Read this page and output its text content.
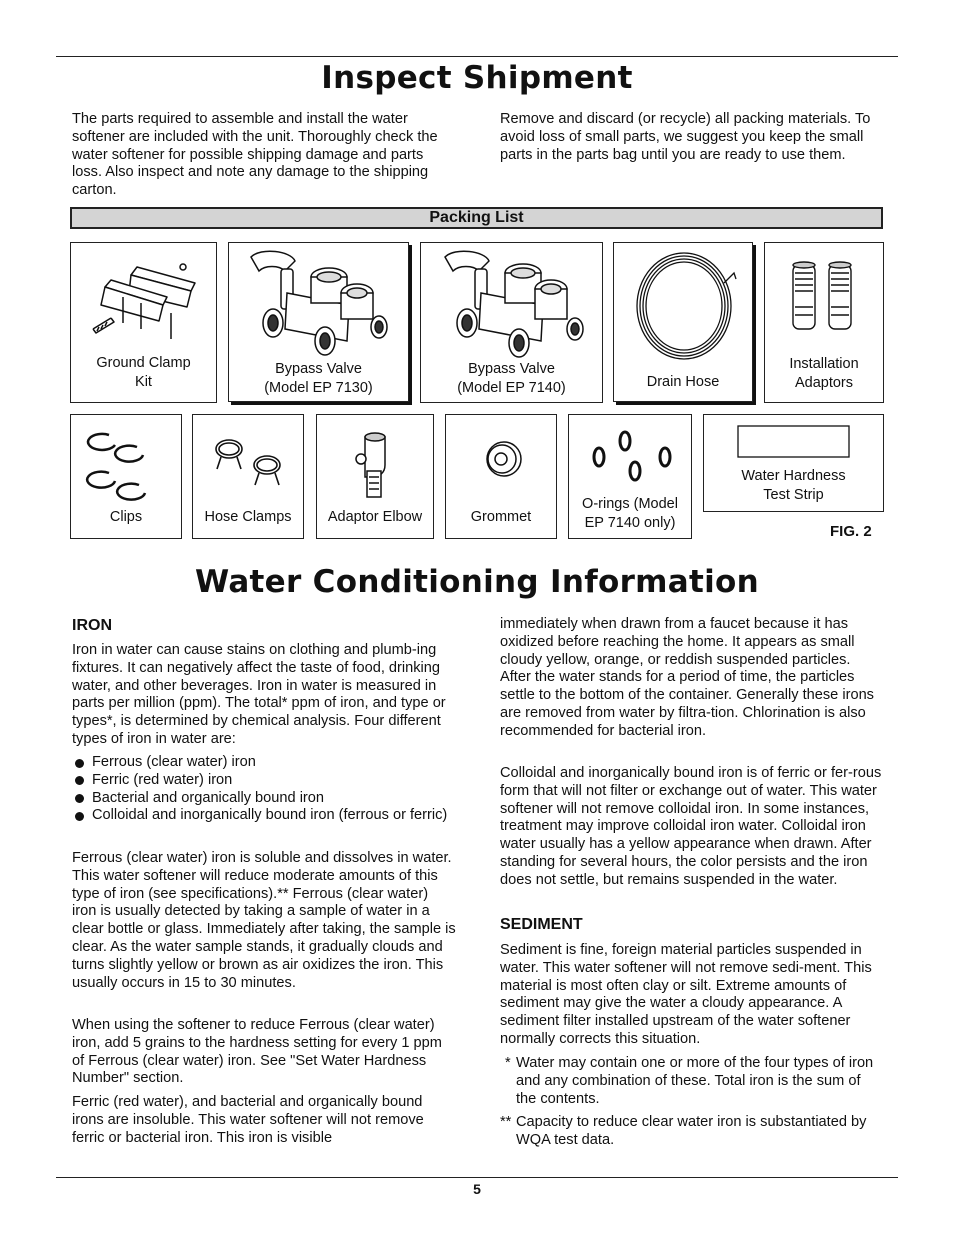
Inspect Shipment

The parts required to assemble and install the water softener are included with the unit. Thoroughly check the water softener for possible shipping damage and parts loss. Also inspect and note any damage to the shipping carton.

Remove and discard (or recycle) all packing materials. To avoid loss of small parts, we suggest you keep the small parts in the parts bag until you are ready to use them.

Packing List
Ground Clamp
Kit
Bypass Valve
(Model EP 7130)
Bypass Valve
(Model EP 7140)	Drain Hose
Installation
Adaptors
Clips	Hose Clamps	Adaptor Elbow	Grommet
O-rings (Model
EP 7140 only)
Water Hardness
Test Strip
FIG. 2
Water Conditioning Information
IRON

Iron in water can cause stains on clothing and plumb-ing fixtures. It can negatively affect the taste of food, drinking water, and other beverages. Iron in water is measured in parts per million (ppm). The total* ppm of iron, and type or types*, is determined by chemical analysis. Four different types of iron in water are:

Ferrous (clear water) iron
Ferric (red water) iron
Bacterial and organically bound iron
Colloidal and inorganically bound iron (ferrous or ferric)

Ferrous (clear water) iron is soluble and dissolves in water. This water softener will reduce moderate amounts of this type of iron (see specifications).** Ferrous (clear water) iron is usually detected by taking a sample of water in a clear bottle or glass. Immediately after taking, the sample is clear. As the water sample stands, it gradually clouds and turns slightly yellow or brown as air oxidizes the iron. This usually occurs in 15 to 30 minutes.

When using the softener to reduce Ferrous (clear water) iron, add 5 grains to the hardness setting for every 1 ppm of Ferrous (clear water) iron. See "Set Water Hardness Number" section.

Ferric (red water), and bacterial and organically bound irons are insoluble. This water softener will not remove ferric or bacterial iron. This iron is visible

immediately when drawn from a faucet because it has oxidized before reaching the home. It appears as small cloudy yellow, orange, or reddish suspended particles. After the water stands for a period of time, the particles settle to the bottom of the container. Generally these irons are removed from water by filtra-tion. Chlorination is also recommended for bacterial iron.

Colloidal and inorganically bound iron is of ferric or fer-rous form that will not filter or exchange out of water. This water softener will not remove colloidal iron. In some instances, treatment may improve colloidal iron water. Colloidal iron water usually has a yellow appearance when drawn. After standing for several hours, the color persists and the iron does not settle, but remains suspended in the water.

SEDIMENT

Sediment is fine, foreign material particles suspended in water. This water softener will not remove sedi-ment. This material is most often clay or silt. Extreme amounts of sediment may give the water a cloudy appearance. A sediment filter installed upstream of the water softener normally corrects this situation.

* Water may contain one or more of the four types of iron and any combination of these. Total iron is the sum of the contents.
** Capacity to reduce clear water iron is substantiated by WQA test data.
5
